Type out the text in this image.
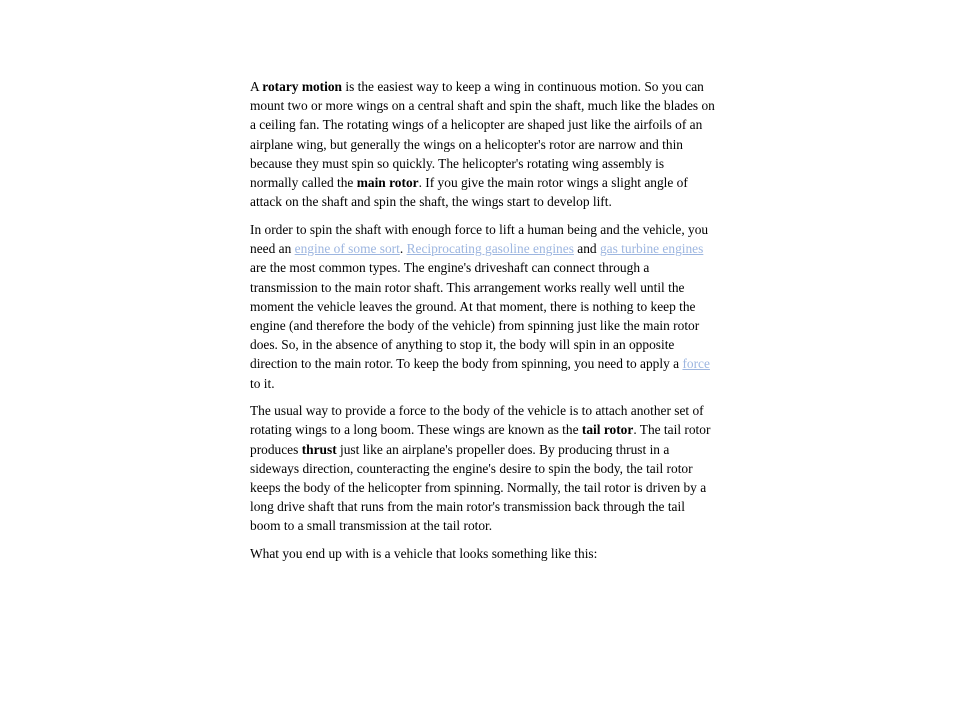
A rotary motion is the easiest way to keep a wing in continuous motion. So you can mount two or more wings on a central shaft and spin the shaft, much like the blades on a ceiling fan. The rotating wings of a helicopter are shaped just like the airfoils of an airplane wing, but generally the wings on a helicopter's rotor are narrow and thin because they must spin so quickly. The helicopter's rotating wing assembly is normally called the main rotor. If you give the main rotor wings a slight angle of attack on the shaft and spin the shaft, the wings start to develop lift.

In order to spin the shaft with enough force to lift a human being and the vehicle, you need an engine of some sort. Reciprocating gasoline engines and gas turbine engines are the most common types. The engine's driveshaft can connect through a transmission to the main rotor shaft. This arrangement works really well until the moment the vehicle leaves the ground. At that moment, there is nothing to keep the engine (and therefore the body of the vehicle) from spinning just like the main rotor does. So, in the absence of anything to stop it, the body will spin in an opposite direction to the main rotor. To keep the body from spinning, you need to apply a force to it.

The usual way to provide a force to the body of the vehicle is to attach another set of rotating wings to a long boom. These wings are known as the tail rotor. The tail rotor produces thrust just like an airplane's propeller does. By producing thrust in a sideways direction, counteracting the engine's desire to spin the body, the tail rotor keeps the body of the helicopter from spinning. Normally, the tail rotor is driven by a long drive shaft that runs from the main rotor's transmission back through the tail boom to a small transmission at the tail rotor.

What you end up with is a vehicle that looks something like this:
